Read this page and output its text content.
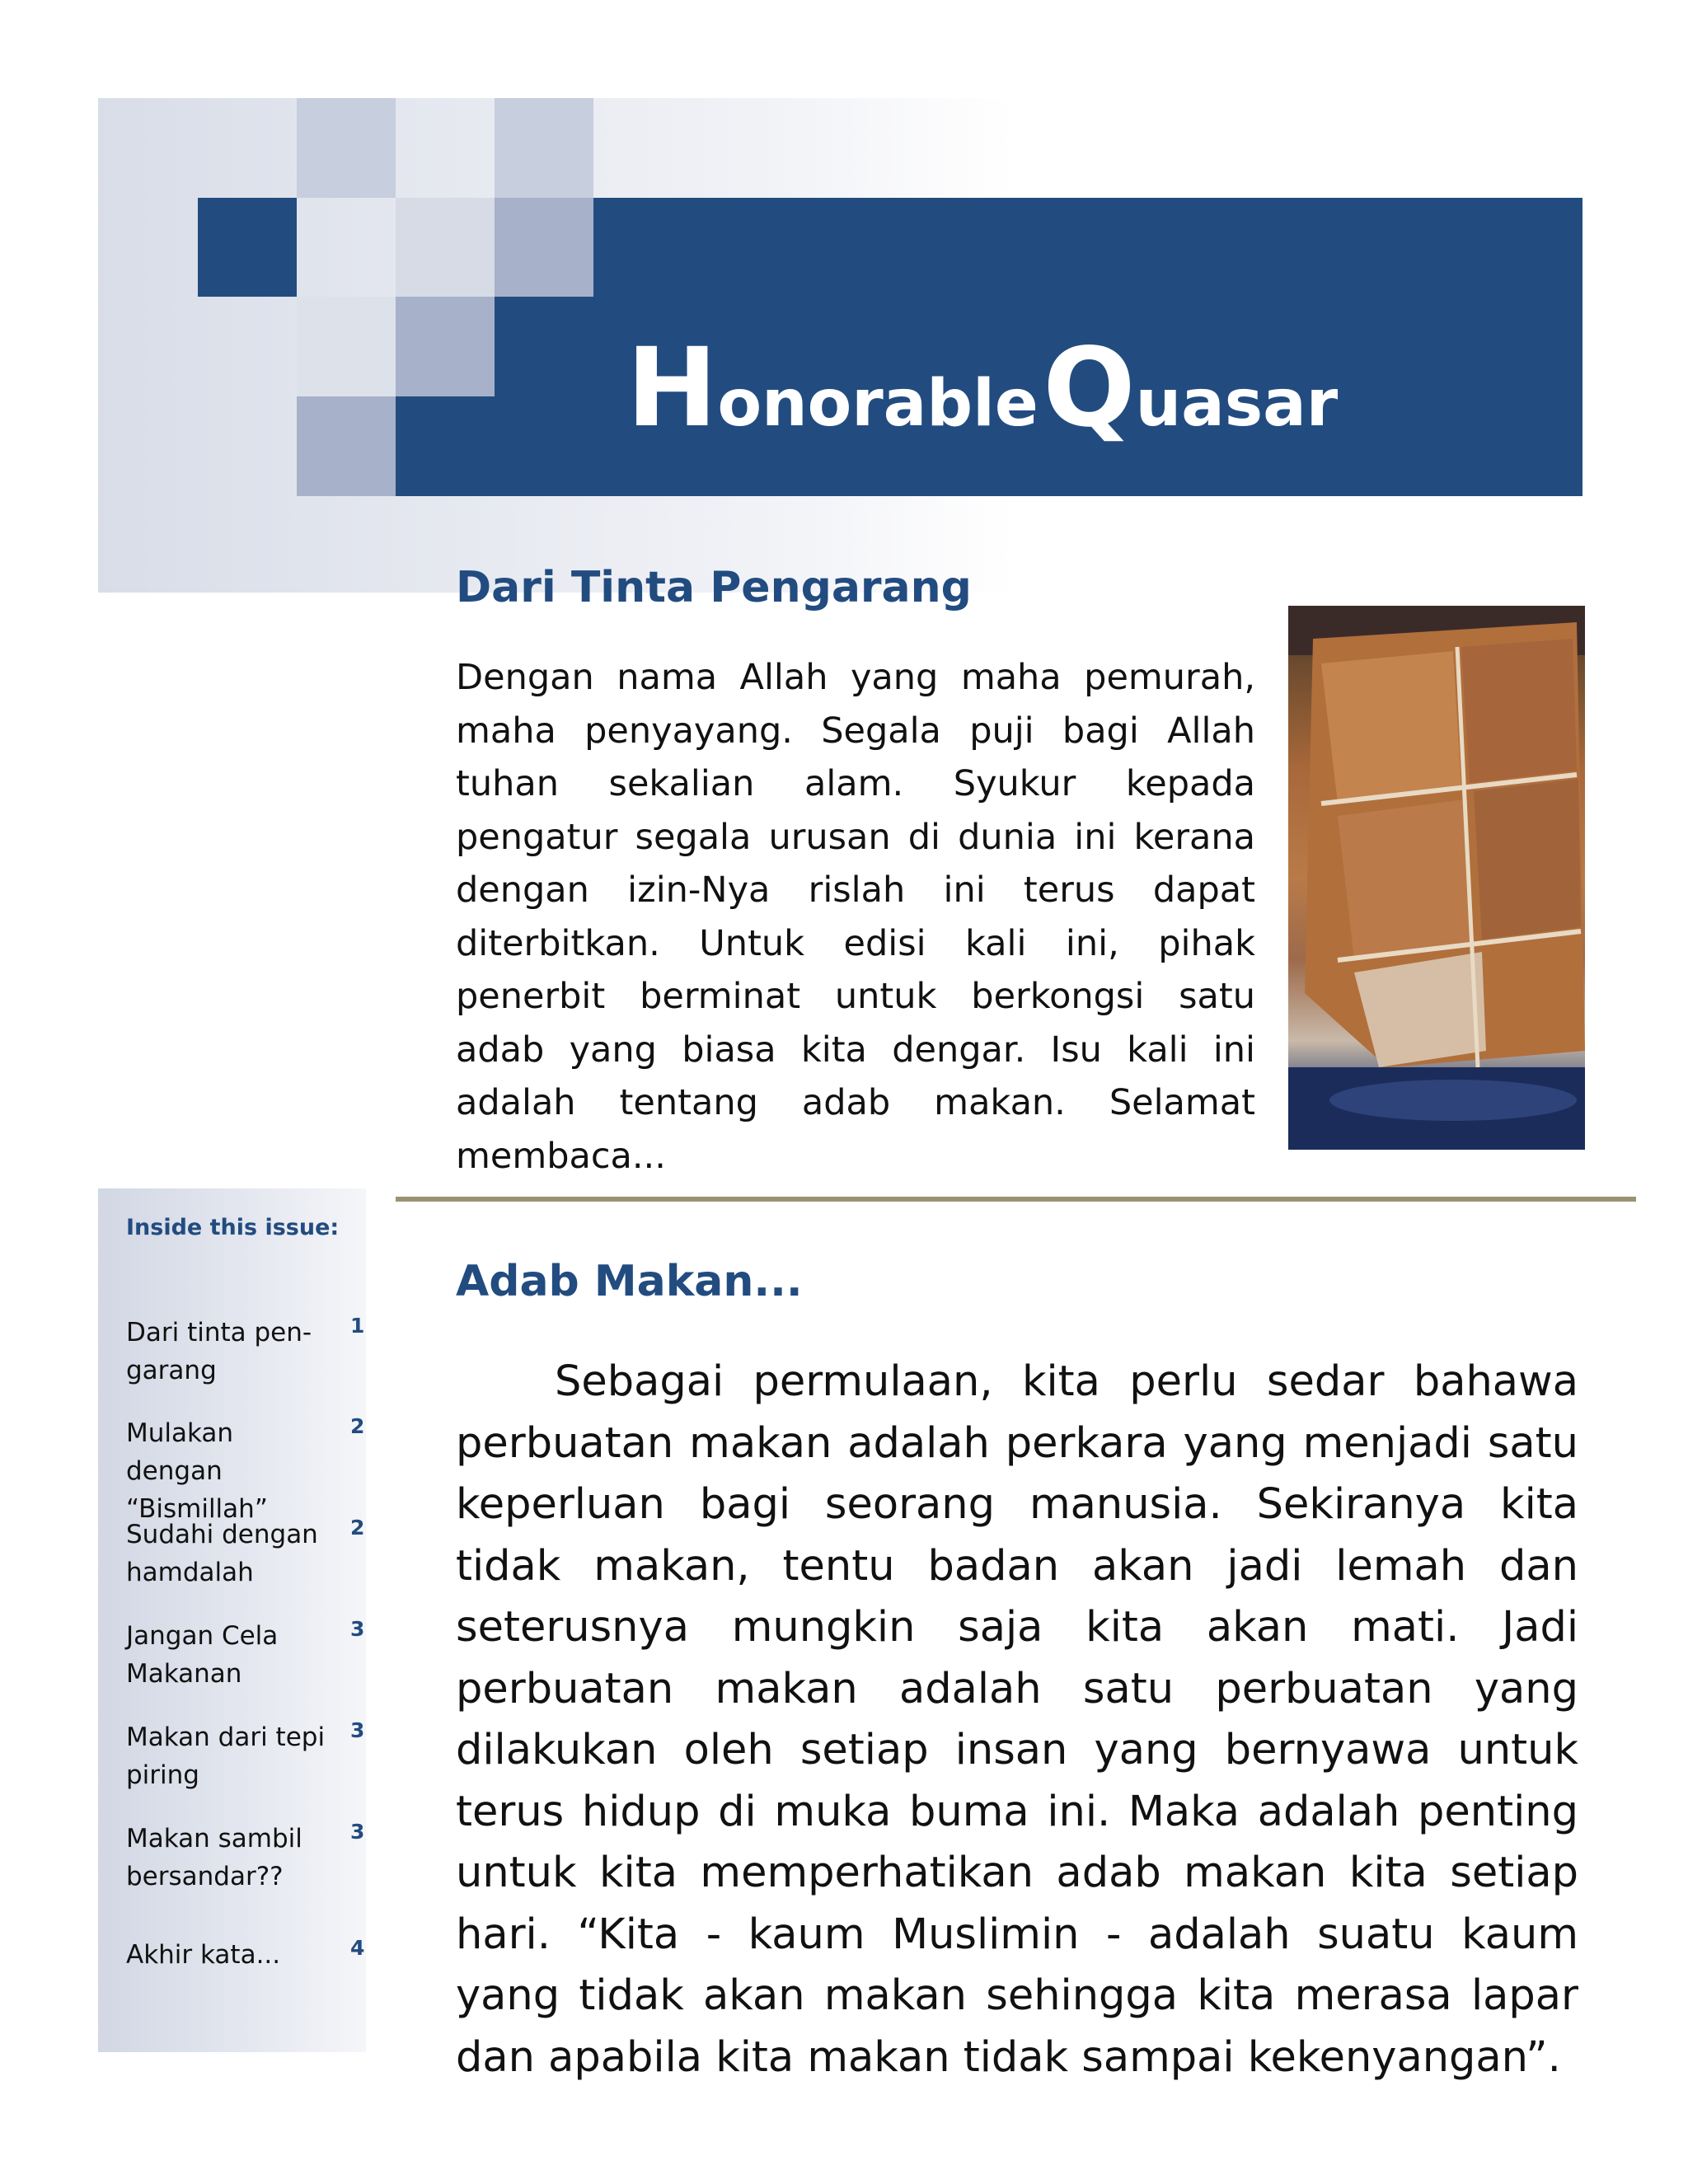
Honorable Quasar
Dari Tinta Pengarang

Dengan nama Allah yang maha pemurah, maha penyayang. Segala puji bagi Allah tuhan sekalian alam. Syukur kepada pengatur segala urusan di dunia ini kerana dengan izin-Nya rislah ini terus dapat diterbitkan. Untuk edisi kali ini, pihak penerbit berminat untuk berkongsi satu adab yang biasa kita dengar. Isu kali ini adalah tentang adab makan. Selamat membaca...

Inside this issue:
Dari tinta pen-garang
1
Mulakan dengan “Bismillah”
2
Sudahi dengan hamdalah
2
Jangan Cela Makanan
3
Makan dari tepi piring
3
Makan sambil bersandar??
3
Akhir kata...	4
Adab Makan...

Sebagai permulaan, kita perlu sedar bahawa perbuatan makan adalah perkara yang menjadi satu keperluan bagi seorang manusia. Sekiranya kita tidak makan, tentu badan akan jadi lemah dan seterusnya mungkin saja kita akan mati. Jadi perbuatan makan adalah satu perbuatan yang dilakukan oleh setiap insan yang bernyawa untuk terus hidup di muka buma ini. Maka adalah penting untuk kita memperhatikan adab makan kita setiap hari. “Kita - kaum Muslimin - adalah suatu kaum yang tidak akan makan sehingga kita merasa lapar dan apabila kita makan tidak sampai kekenyangan”.
